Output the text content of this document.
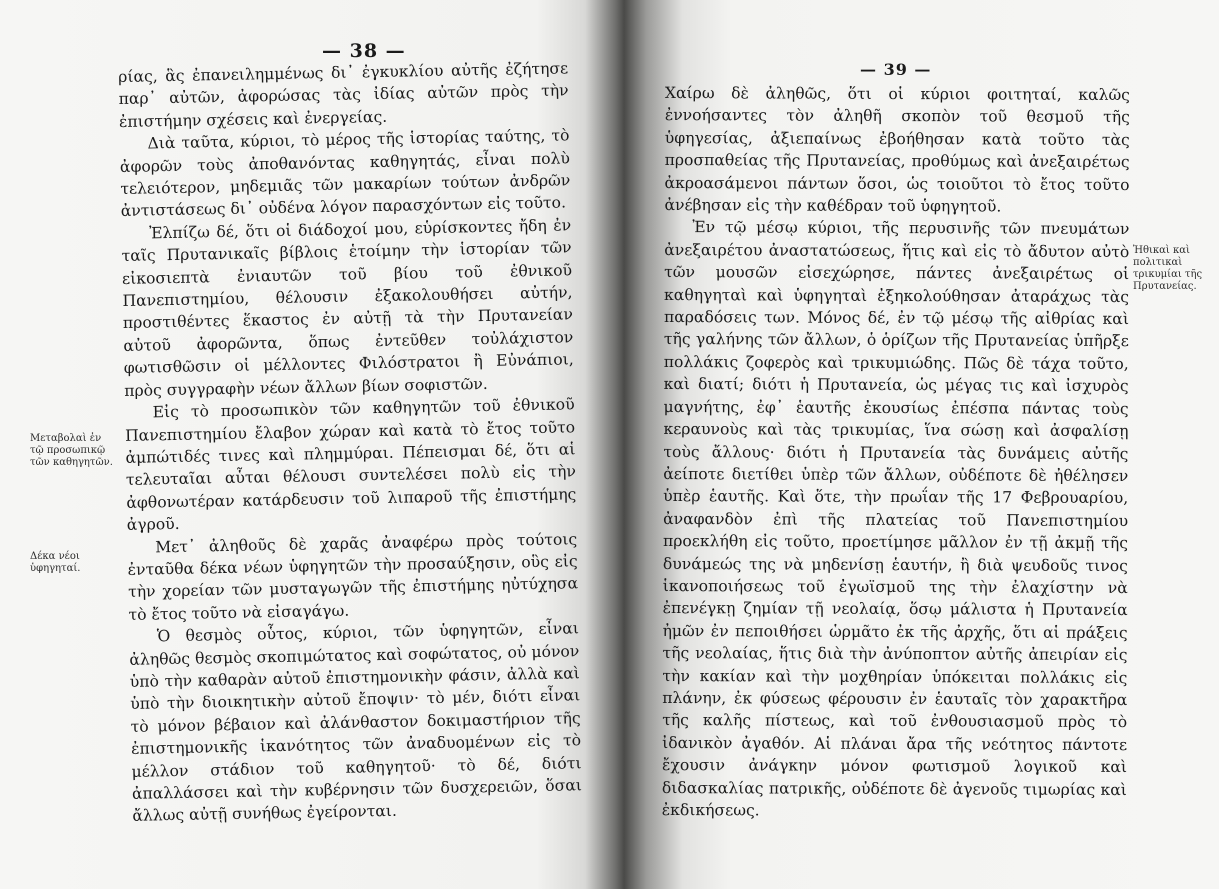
— 38 —
— 39 —

ρίας, ἃς ἐπανειλημμένως δι᾽ ἐγκυκλίου αὐτῆς ἐζήτησε παρ᾽ αὐτῶν, ἀφορώσας τὰς ἰδίας αὐτῶν πρὸς τὴν ἐπιστήμην σχέσεις καὶ ἐνεργείας.

Διὰ ταῦτα, κύριοι, τὸ μέρος τῆς ἱστορίας ταύτης, τὸ ἀφορῶν τοὺς ἀποθανόντας καθηγητάς, εἶναι πολὺ τελειότερον, μηδεμιᾶς τῶν μακαρίων τούτων ἀνδρῶν ἀντιστάσεως δι᾽ οὐδένα λόγον παρασχόντων εἰς τοῦτο.

Ἐλπίζω δέ, ὅτι οἱ διάδοχοί μου, εὑρίσκοντες ἤδη ἐν ταῖς Πρυτανικαῖς βίβλοις ἑτοίμην τὴν ἱστορίαν τῶν εἰκοσιεπτὰ ἐνιαυτῶν τοῦ βίου τοῦ ἐθνικοῦ Πανεπιστημίου, θέλουσιν ἐξακολουθήσει αὐτήν, προστιθέντες ἕκαστος ἐν αὐτῇ τὰ τὴν Πρυτανείαν αὐτοῦ ἀφορῶντα, ὅπως ἐντεῦθεν τοὐλάχιστον φωτισθῶσιν οἱ μέλλοντες Φιλόστρατοι ἢ Εὐνάπιοι, πρὸς συγγραφὴν νέων ἄλλων βίων σοφιστῶν.

Εἰς τὸ προσωπικὸν τῶν καθηγητῶν τοῦ ἐθνικοῦ Πανεπιστημίου ἔλαβον χώραν καὶ κατὰ τὸ ἔτος τοῦτο ἀμπώτιδές τινες καὶ πλημμύραι. Πέπεισμαι δέ, ὅτι αἱ τελευταῖαι αὗται θέλουσι συντελέσει πολὺ εἰς τὴν ἀφθονωτέραν κατάρδευσιν τοῦ λιπαροῦ τῆς ἐπιστήμης ἀγροῦ.

Μετ᾽ ἀληθοῦς δὲ χαρᾶς ἀναφέρω πρὸς τούτοις ἐνταῦθα δέκα νέων ὑφηγητῶν τὴν προσαύξησιν, οὓς εἰς τὴν χορείαν τῶν μυσταγωγῶν τῆς ἐπιστήμης ηὐτύχησα τὸ ἔτος τοῦτο νὰ εἰσαγάγω.

Ὁ θεσμὸς οὗτος, κύριοι, τῶν ὑφηγητῶν, εἶναι ἀληθῶς θεσμὸς σκοπιμώτατος καὶ σοφώτατος, οὐ μόνον ὑπὸ τὴν καθαρὰν αὐτοῦ ἐπιστημονικὴν φάσιν, ἀλλὰ καὶ ὑπὸ τὴν διοικητικὴν αὐτοῦ ἔποψιν· τὸ μέν, διότι εἶναι τὸ μόνον βέβαιον καὶ ἀλάνθαστον δοκιμαστήριον τῆς ἐπιστημονικῆς ἱκανότητος τῶν ἀναδυομένων εἰς τὸ μέλλον στάδιον τοῦ καθηγητοῦ· τὸ δέ, διότι ἀπαλλάσσει καὶ τὴν κυβέρνησιν τῶν δυσχερειῶν, ὅσαι ἄλλως αὐτῇ συνήθως ἐγείρονται.

Μεταβολαὶ ἐν τῷ προσωπικῷ τῶν καθηγητῶν.
Δέκα νέοι ὑφηγηταί.

Χαίρω δὲ ἀληθῶς, ὅτι οἱ κύριοι φοιτηταί, καλῶς ἐννοήσαντες τὸν ἀληθῆ σκοπὸν τοῦ θεσμοῦ τῆς ὑφηγεσίας, ἀξιεπαίνως ἐβοήθησαν κατὰ τοῦτο τὰς προσπαθείας τῆς Πρυτανείας, προθύμως καὶ ἀνεξαιρέτως ἀκροασάμενοι πάντων ὅσοι, ὡς τοιοῦτοι τὸ ἔτος τοῦτο ἀνέβησαν εἰς τὴν καθέδραν τοῦ ὑφηγητοῦ.

Ἐν τῷ μέσῳ κύριοι, τῆς περυσινῆς τῶν πνευμάτων ἀνεξαιρέτου ἀναστατώσεως, ἥτις καὶ εἰς τὸ ἄδυτον αὐτὸ τῶν μουσῶν εἰσεχώρησε, πάντες ἀνεξαιρέτως οἱ καθηγηταὶ καὶ ὑφηγηταὶ ἐξηκολούθησαν ἀταράχως τὰς παραδόσεις των. Μόνος δέ, ἐν τῷ μέσῳ τῆς αἰθρίας καὶ τῆς γαλήνης τῶν ἄλλων, ὁ ὁρίζων τῆς Πρυτανείας ὑπῆρξε πολλάκις ζοφερὸς καὶ τρικυμιώδης. Πῶς δὲ τάχα τοῦτο, καὶ διατί; διότι ἡ Πρυτανεία, ὡς μέγας τις καὶ ἰσχυρὸς μαγνήτης, ἐφ᾽ ἑαυτῆς ἐκουσίως ἐπέσπα πάντας τοὺς κεραυνοὺς καὶ τὰς τρικυμίας, ἵνα σώσῃ καὶ ἀσφαλίσῃ τοὺς ἄλλους· διότι ἡ Πρυτανεία τὰς δυνάμεις αὐτῆς ἀείποτε διετίθει ὑπὲρ τῶν ἄλλων, οὐδέποτε δὲ ἠθέλησεν ὑπὲρ ἑαυτῆς. Καὶ ὅτε, τὴν πρωΐαν τῆς 17 Φεβρουαρίου, ἀναφανδὸν ἐπὶ τῆς πλατείας τοῦ Πανεπιστημίου προεκλήθη εἰς τοῦτο, προετίμησε μᾶλλον ἐν τῇ ἀκμῇ τῆς δυνάμεώς της νὰ μηδενίσῃ ἑαυτήν, ἢ διὰ ψευδοῦς τινος ἱκανοποιήσεως τοῦ ἐγωϊσμοῦ της τὴν ἐλαχίστην νὰ ἐπενέγκῃ ζημίαν τῇ νεολαίᾳ, ὅσῳ μάλιστα ἡ Πρυτανεία ἠμῶν ἐν πεποιθήσει ὡρμᾶτο ἐκ τῆς ἀρχῆς, ὅτι αἱ πράξεις τῆς νεολαίας, ἥτις διὰ τὴν ἀνύποπτον αὐτῆς ἀπειρίαν εἰς τὴν κακίαν καὶ τὴν μοχθηρίαν ὑπόκειται πολλάκις εἰς πλάνην, ἐκ φύσεως φέρουσιν ἐν ἑαυταῖς τὸν χαρακτῆρα τῆς καλῆς πίστεως, καὶ τοῦ ἐνθουσιασμοῦ πρὸς τὸ ἰδανικὸν ἀγαθόν. Αἱ πλάναι ἄρα τῆς νεότητος πάντοτε ἔχουσιν ἀνάγκην μόνον φωτισμοῦ λογικοῦ καὶ διδασκαλίας πατρικῆς, οὐδέποτε δὲ ἀγενοῦς τιμωρίας καὶ ἐκδικήσεως.

Ἠθικαὶ καὶ πολιτικαὶ τρικυμίαι τῆς Πρυτανείας.
